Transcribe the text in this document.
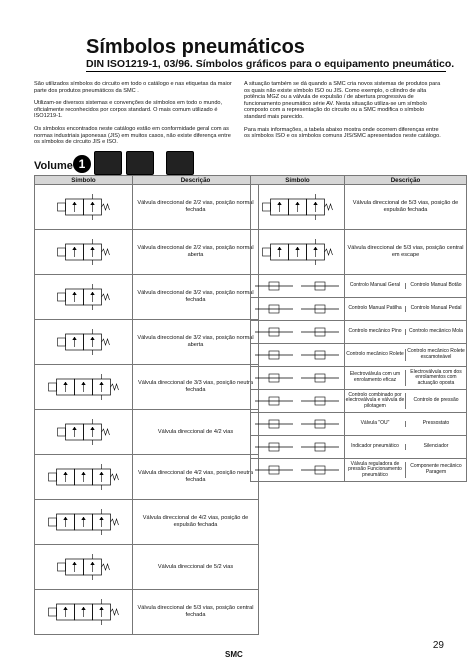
Símbolos pneumáticos
DIN ISO1219-1, 03/96. Símbolos gráficos para o equipamento pneumático.

São utilizados símbolos do circuito em todo o catálogo e nas etiquetas da maior parte dos produtos pneumáticos da SMC .

Utilizam-se diversos sistemas e convenções de símbolos em todo o mundo, oficialmente reconhecidos por corpos standard. O mais comum utilizado é ISO1219-1.

Os símbolos encontrados neste catálogo estão em conformidade geral com as normas industriais japonesas (JIS) em muitos casos, não existe diferença entre os símbolos de circuito JIS e ISO.

A situação também se dá quando a SMC cria novos sistemas de produtos para os quais não existe símbolo ISO ou JIS. Como exemplo, o cilindro de alta potência MGZ ou a válvula de expulsão / de abertura progressiva de funcionamento pneumático série AV. Nesta situação utiliza-se um símbolo composto com a representação do circuito ou a SMC modifica o símbolo standard mais parecido.

Para mais informações, a tabela abaixo mostra onde ocorrem diferenças entre os símbolos ISO e os símbolos comuns JIS/SMC apresentados neste catálogo.

Volume 1
Símbolo	Descrição

	Válvula direccional de 2/2 vias, posição normal fechada

	Válvula direccional de 2/2 vias, posição normal aberta

	Válvula direccional de 3/2 vias, posição normal fechada

	Válvula direccional de 3/2 vias, posição normal aberta

	Válvula direccional de 3/3 vias, posição neutra fechada

	Válvula direccional de 4/2 vias

	Válvula direccional de 4/2 vias, posição neutra fechada

	Válvula direccional de 4/2 vias, posição de expulsão fechada

	Válvula direccional de 5/2 vias

	Válvula direccional de 5/3 vias, posição central fechada
Símbolo	Descrição

	Válvula direccional de 5/3 vias, posição de expulsão fechada

	Válvula direccional de 5/3 vias, posição central em escape

Controlo Manual Geral	Controlo Manual Botão

Controlo Manual Patilha	Controlo Manual Pedal

Controlo mecânico Pino	Controlo mecânico Mola

Controlo mecânico Rolete	Controlo mecânico Rolete escamoteável

Electroválvula com um enrolamento eficaz	Electroválvula com dos enrolamentos com actuação oposta

Controlo combinado por electroválvula e válvula de pilotagem	Controlo de pressão

Válvula "OU"	Pressostato

Indicador pneumático	Silenciador

Válvula reguladora de pressão Funcionamento pneumático	Componente mecânico Paragem
29
SMC
